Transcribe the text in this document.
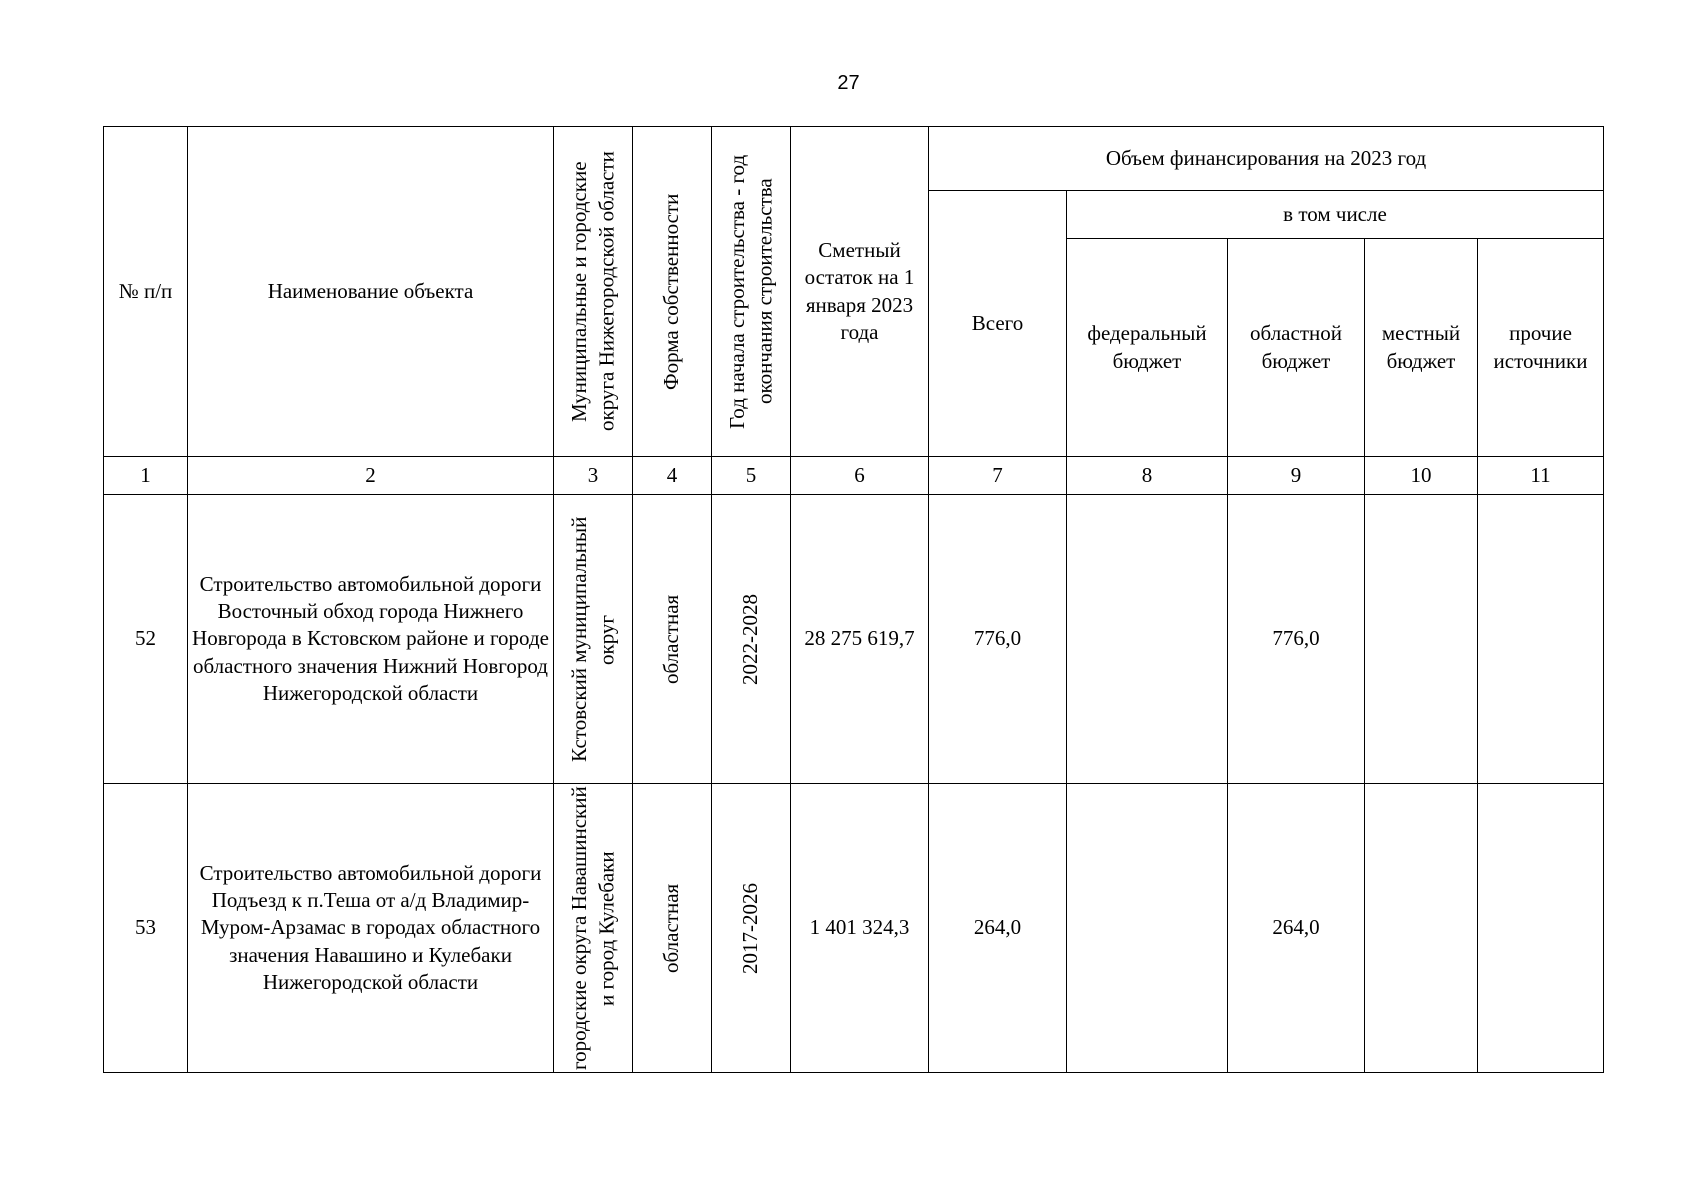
27
№ п/п	Наименование объекта	Муниципальные и городские округа Нижегородской области	Форма собственности	Год начала строительства - год окончания строительства	Сметный остаток на 1 января 2023 года	Объем финансирования на 2023 год				
						Всего	в том числе			
							федеральный бюджет	областной бюджет	местный бюджет	прочие источники
1	2	3	4	5	6	7	8	9	10	11
52	Строительство автомобильной дороги Восточный обход города Нижнего Новгорода в Кстовском районе и городе областного значения Нижний Новгород Нижегородской области	Кстовский муниципальный округ	областная	2022-2028	28 275 619,7	776,0		776,0		
53	Строительство автомобильной дороги Подъезд к п.Теша от а/д Владимир-Муром-Арзамас в городах областного значения Навашино и Кулебаки Нижегородской области	городские округа Навашинский и город Кулебаки	областная	2017-2026	1 401 324,3	264,0		264,0		
